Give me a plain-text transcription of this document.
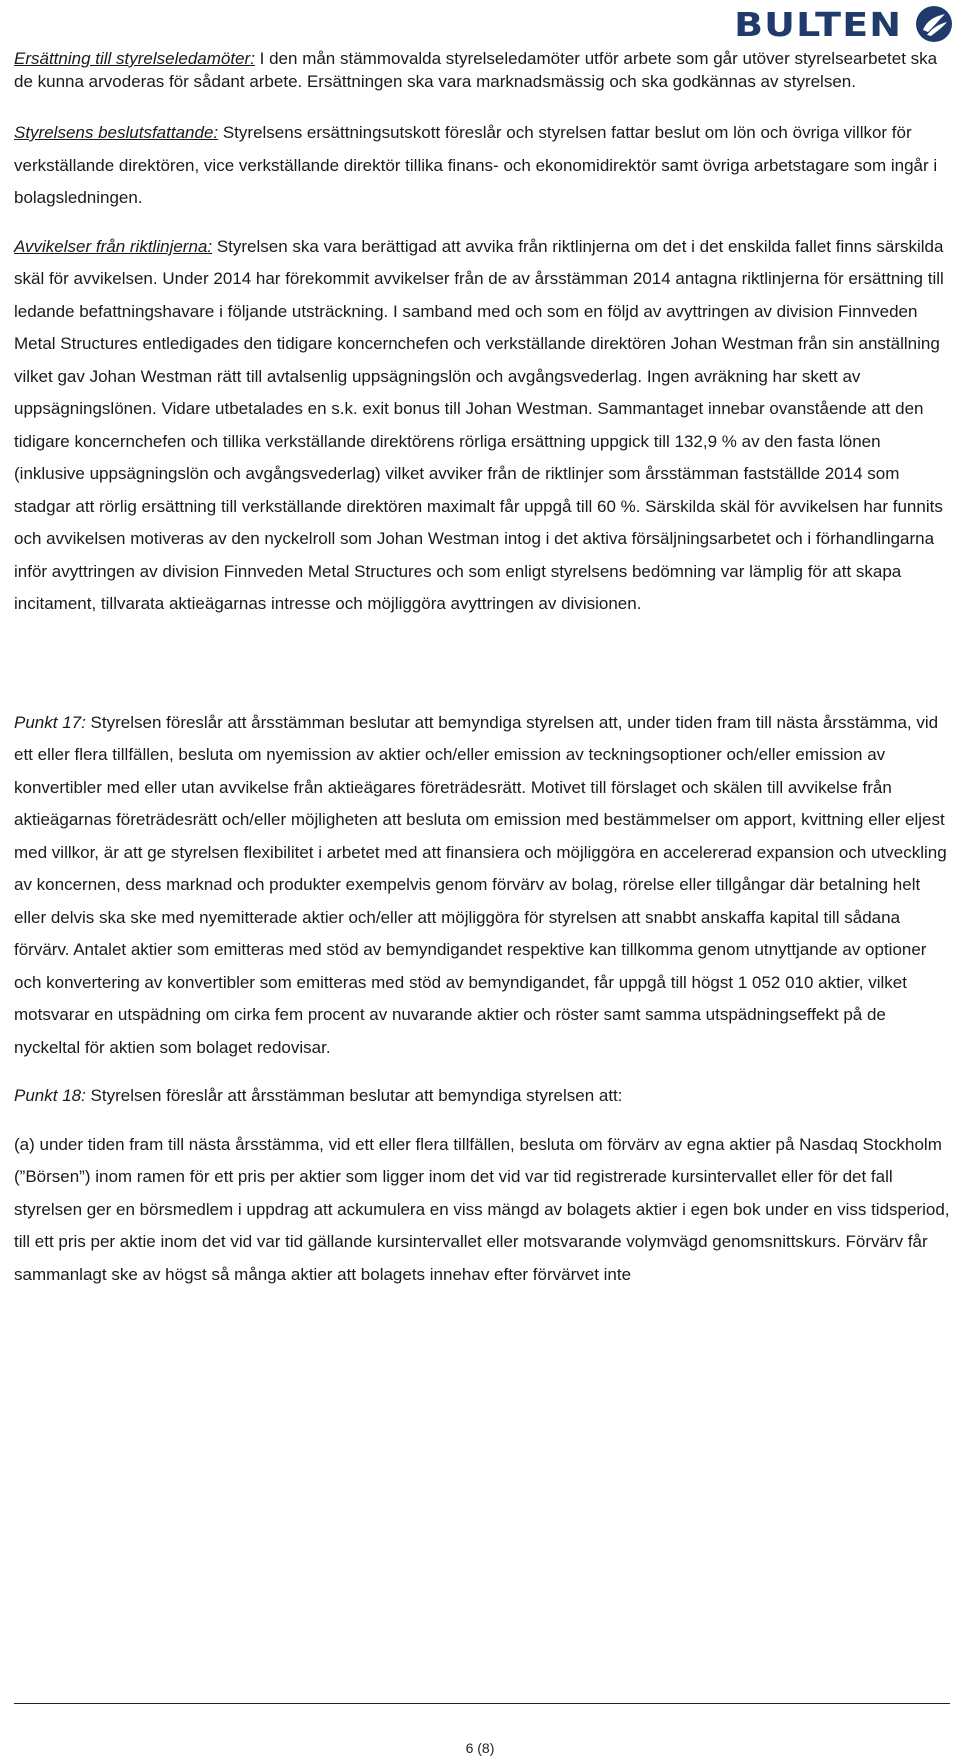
BULTEN

Ersättning till styrelseledamöter: I den mån stämmovalda styrelseledamöter utför arbete som går utöver styrelsearbetet ska de kunna arvoderas för sådant arbete. Ersättningen ska vara marknadsmässig och ska godkännas av styrelsen.

Styrelsens beslutsfattande: Styrelsens ersättningsutskott föreslår och styrelsen fattar beslut om lön och övriga villkor för verkställande direktören, vice verkställande direktör tillika finans- och ekonomidirektör samt övriga arbetstagare som ingår i bolagsledningen.

Avvikelser från riktlinjerna: Styrelsen ska vara berättigad att avvika från riktlinjerna om det i det enskilda fallet finns särskilda skäl för avvikelsen. Under 2014 har förekommit avvikelser från de av årsstämman 2014 antagna riktlinjerna för ersättning till ledande befattningshavare i följande utsträckning. I samband med och som en följd av avyttringen av division Finnveden Metal Structures entledigades den tidigare koncernchefen och verkställande direktören Johan Westman från sin anställning vilket gav Johan Westman rätt till avtalsenlig uppsägningslön och avgångsvederlag. Ingen avräkning har skett av uppsägningslönen. Vidare utbetalades en s.k. exit bonus till Johan Westman. Sammantaget innebar ovanstående att den tidigare koncernchefen och tillika verkställande direktörens rörliga ersättning uppgick till 132,9 % av den fasta lönen (inklusive uppsägningslön och avgångsvederlag) vilket avviker från de riktlinjer som årsstämman fastställde 2014 som stadgar att rörlig ersättning till verkställande direktören maximalt får uppgå till 60 %. Särskilda skäl för avvikelsen har funnits och avvikelsen motiveras av den nyckelroll som Johan Westman intog i det aktiva försäljningsarbetet och i förhandlingarna inför avyttringen av division Finnveden Metal Structures och som enligt styrelsens bedömning var lämplig för att skapa incitament, tillvarata aktieägarnas intresse och möjliggöra avyttringen av divisionen.

Punkt 17: Styrelsen föreslår att årsstämman beslutar att bemyndiga styrelsen att, under tiden fram till nästa årsstämma, vid ett eller flera tillfällen, besluta om nyemission av aktier och/eller emission av teckningsoptioner och/eller emission av konvertibler med eller utan avvikelse från aktieägares företrädesrätt. Motivet till förslaget och skälen till avvikelse från aktieägarnas företrädesrätt och/eller möjligheten att besluta om emission med bestämmelser om apport, kvittning eller eljest med villkor, är att ge styrelsen flexibilitet i arbetet med att finansiera och möjliggöra en accelererad expansion och utveckling av koncernen, dess marknad och produkter exempelvis genom förvärv av bolag, rörelse eller tillgångar där betalning helt eller delvis ska ske med nyemitterade aktier och/eller att möjliggöra för styrelsen att snabbt anskaffa kapital till sådana förvärv. Antalet aktier som emitteras med stöd av bemyndigandet respektive kan tillkomma genom utnyttjande av optioner och konvertering av konvertibler som emitteras med stöd av bemyndigandet, får uppgå till högst 1 052 010 aktier, vilket motsvarar en utspädning om cirka fem procent av nuvarande aktier och röster samt samma utspädningseffekt på de nyckeltal för aktien som bolaget redovisar.

Punkt 18: Styrelsen föreslår att årsstämman beslutar att bemyndiga styrelsen att:

(a) under tiden fram till nästa årsstämma, vid ett eller flera tillfällen, besluta om förvärv av egna aktier på Nasdaq Stockholm (”Börsen”) inom ramen för ett pris per aktier som ligger inom det vid var tid registrerade kursintervallet eller för det fall styrelsen ger en börsmedlem i uppdrag att ackumulera en viss mängd av bolagets aktier i egen bok under en viss tidsperiod, till ett pris per aktie inom det vid var tid gällande kursintervallet eller motsvarande volymvägd genomsnittskurs. Förvärv får sammanlagt ske av högst så många aktier att bolagets innehav efter förvärvet inte

6 (8)
